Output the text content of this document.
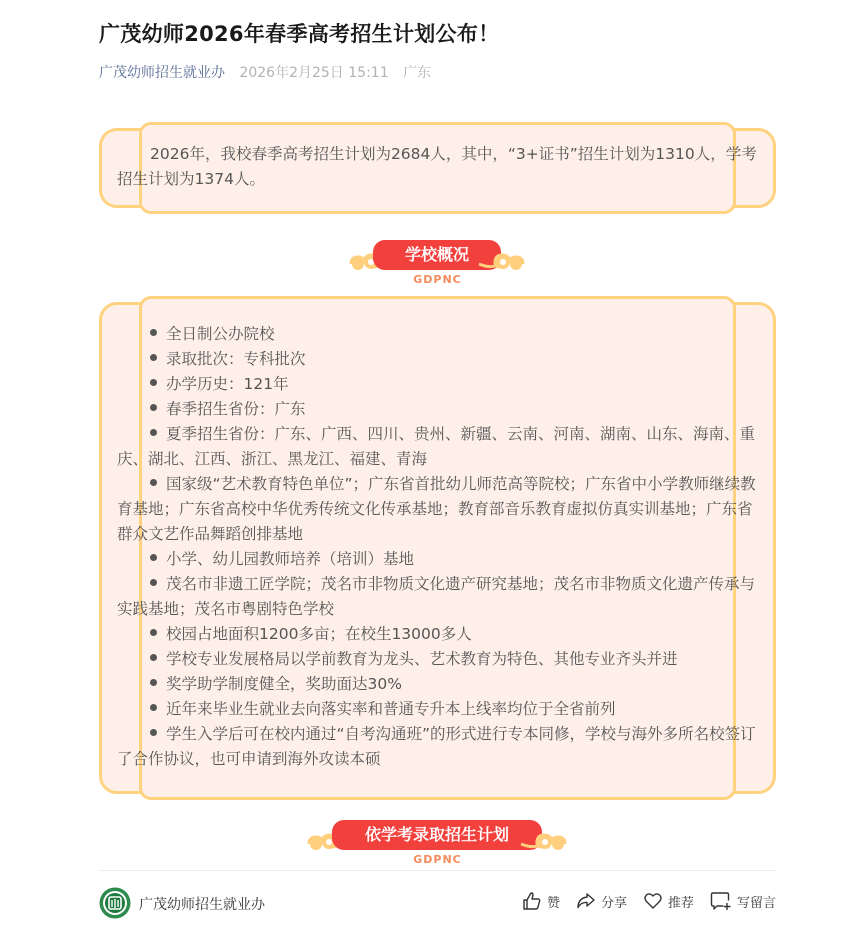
广茂幼师2026年春季高考招生计划公布！
广茂幼师招生就业办 2026年2月25日 15:11 广东

2026年，我校春季高考招生计划为2684人，其中，“3+证书”招生计划为1310人，学考招生计划为1374人。

学校概况
GDPNC

全日制公办院校

录取批次：专科批次

办学历史：121年

春季招生省份：广东

夏季招生省份：广东、广西、四川、贵州、新疆、云南、河南、湖南、山东、海南、重庆、湖北、江西、浙江、黑龙江、福建、青海

国家级“艺术教育特色单位”；广东省首批幼儿师范高等院校；广东省中小学教师继续教育基地；广东省高校中华优秀传统文化传承基地；教育部音乐教育虚拟仿真实训基地；广东省群众文艺作品舞蹈创排基地

小学、幼儿园教师培养（培训）基地

茂名市非遗工匠学院；茂名市非物质文化遗产研究基地；茂名市非物质文化遗产传承与实践基地；茂名市粤剧特色学校

校园占地面积1200多亩；在校生13000多人

学校专业发展格局以学前教育为龙头、艺术教育为特色、其他专业齐头并进

奖学助学制度健全，奖助面达30%

近年来毕业生就业去向落实率和普通专升本上线率均位于全省前列

学生入学后可在校内通过“自考沟通班”的形式进行专本同修，学校与海外多所名校签订了合作协议，也可申请到海外攻读本硕

依学考录取招生计划
GDPNC
广茂幼师招生就业办	赞	分享	推荐	写留言
